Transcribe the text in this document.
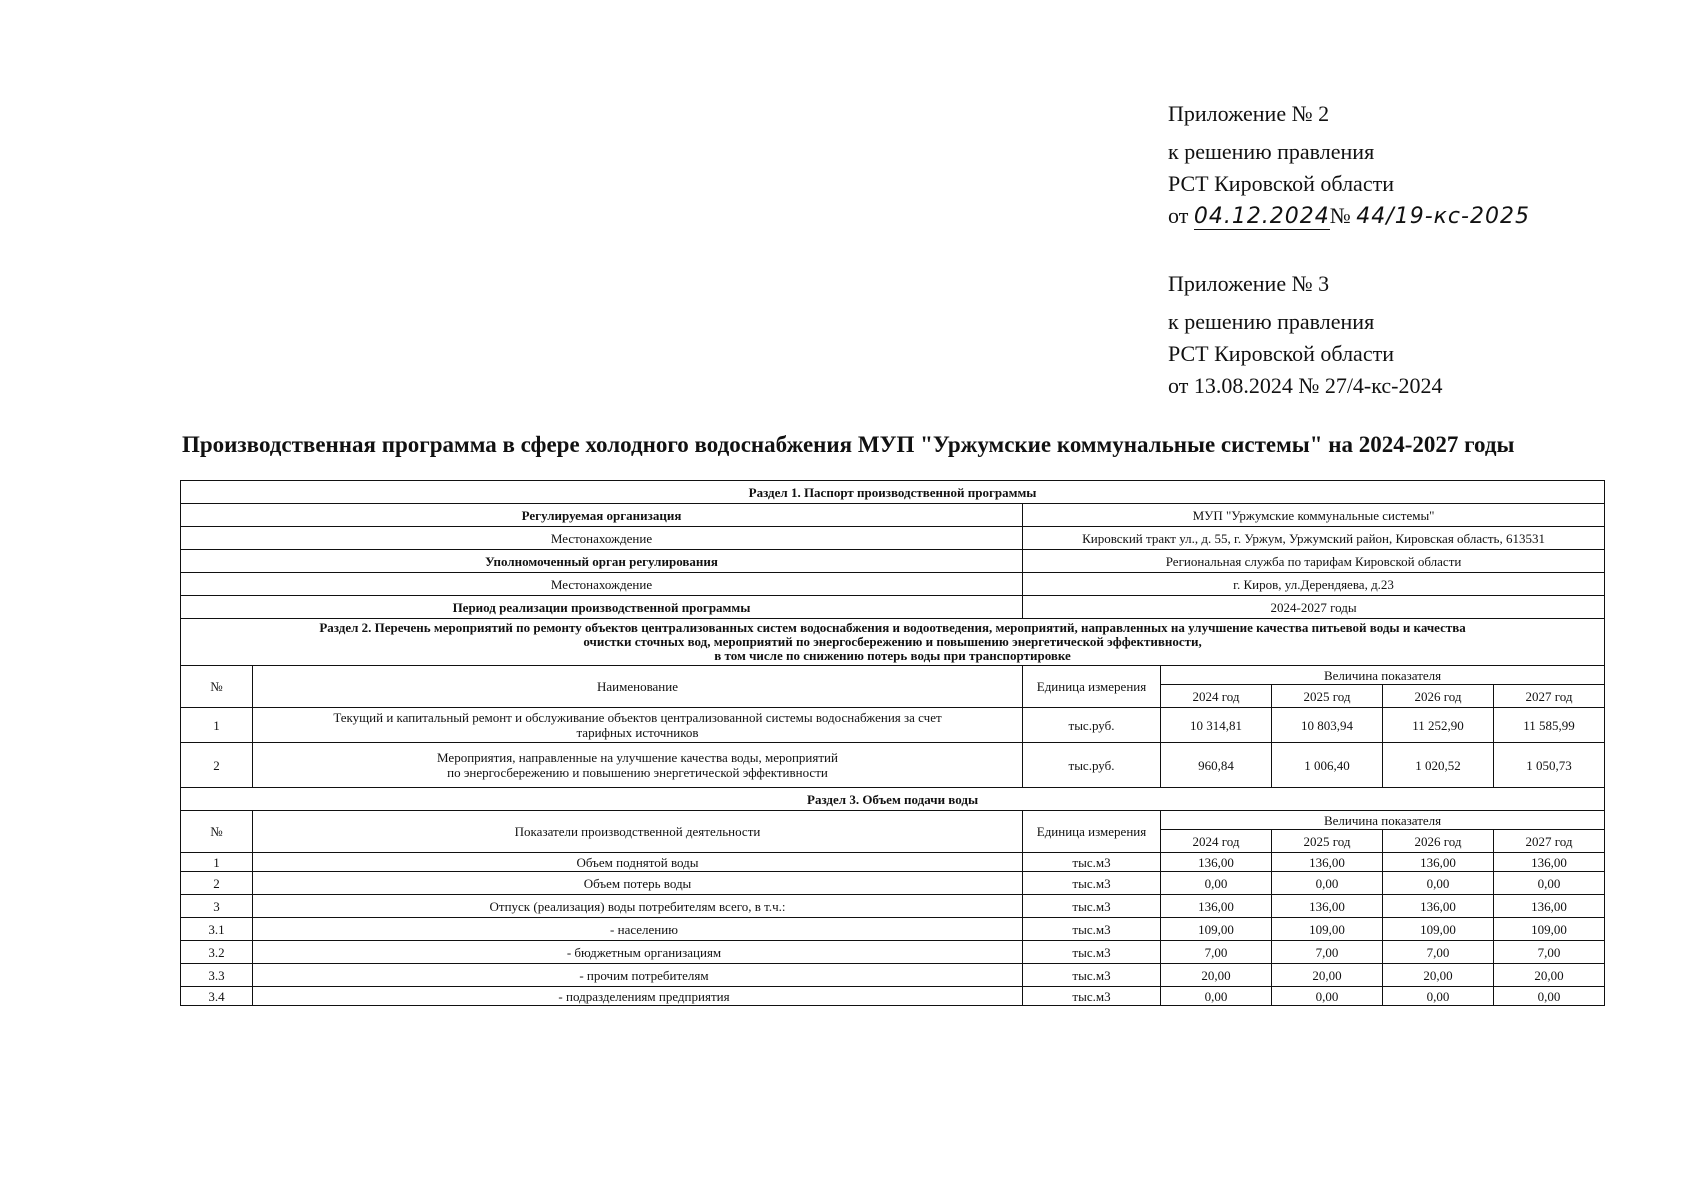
Приложение № 2
к решению правления
РСТ Кировской области
от 04.12.2024№ 44/19-кс-2025
Приложение № 3
к решению правления
РСТ Кировской области
от 13.08.2024 № 27/4-кс-2024
Производственная программа в сфере холодного водоснабжения МУП "Уржумские коммунальные системы" на 2024-2027 годы
Раздел 1. Паспорт производственной программы						
Регулируемая организация		МУП "Уржумские коммунальные системы"				
Местонахождение		Кировский тракт ул., д. 55, г. Уржум, Уржумский район, Кировская область, 613531				
Уполномоченный орган регулирования		Региональная служба по тарифам Кировской области				
Местонахождение		г. Киров, ул.Дерендяева, д.23				
Период реализации производственной программы		2024-2027 годы				

Раздел 2. Перечень мероприятий по ремонту объектов централизованных систем водоснабжения и водоотведения, мероприятий, направленных на улучшение качества питьевой воды и качества
очистки сточных вод, мероприятий по энергосбережению и повышению энергетической эффективности,
в том числе по снижению потерь воды при транспортировке						

№	Наименование	Единица измерения	Величина показателя			
			2024 год	2025 год	2026 год	2027 год
1	Текущий и капитальный ремонт и обслуживание объектов централизованной системы водоснабжения за счет
тарифных источников	тыс.руб.	10 314,81	10 803,94	11 252,90	11 585,99
2	Мероприятия, направленные на улучшение качества воды, мероприятий
по энергосбережению и повышению энергетической эффективности	тыс.руб.	960,84	1 006,40	1 020,52	1 050,73
Раздел 3. Объем подачи воды						
№	Показатели производственной деятельности	Единица измерения	Величина показателя			
			2024 год	2025 год	2026 год	2027 год
1	Объем поднятой воды	тыс.м3	136,00	136,00	136,00	136,00
2	Объем потерь воды	тыс.м3	0,00	0,00	0,00	0,00
3	Отпуск (реализация) воды потребителям всего, в т.ч.:	тыс.м3	136,00	136,00	136,00	136,00
3.1	- населению	тыс.м3	109,00	109,00	109,00	109,00
3.2	- бюджетным организациям	тыс.м3	7,00	7,00	7,00	7,00
3.3	- прочим потребителям	тыс.м3	20,00	20,00	20,00	20,00
3.4	- подразделениям предприятия	тыс.м3	0,00	0,00	0,00	0,00
